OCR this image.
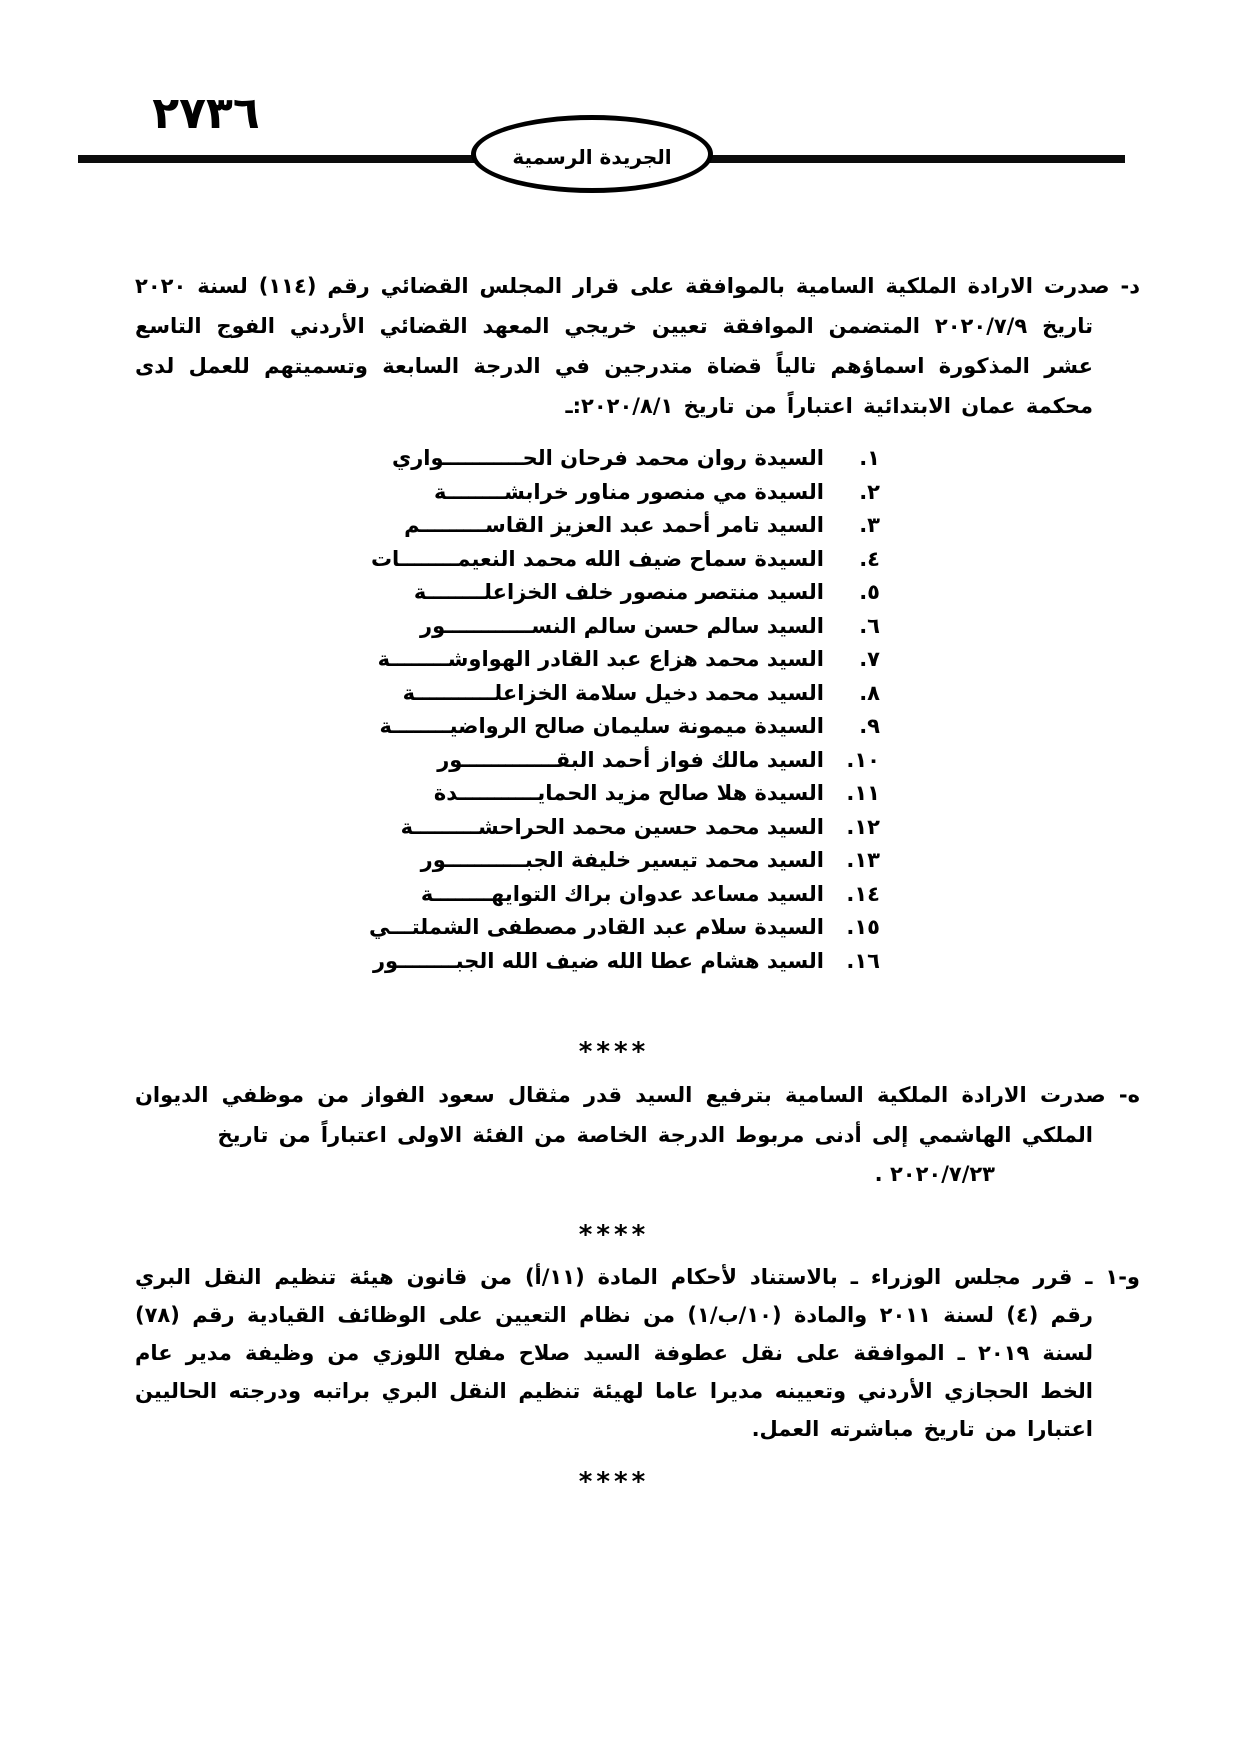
٢٧٣٦
الجريدة الرسمية

د- صدرت الارادة الملكية السامية بالموافقة على قرار المجلس القضائي رقم (١١٤) لسنة ٢٠٢٠ تاريخ ٢٠٢٠/٧/٩ المتضمن الموافقة تعيين خريجي المعهد القضائي الأردني الفوج التاسع عشر المذكورة اسماؤهم تالياً قضاة متدرجين في الدرجة السابعة وتسميتهم للعمل لدى محكمة عمان الابتدائية اعتباراً من تاريخ ٢٠٢٠/٨/١:ـ

١.
السيدة روان محمد فرحان الحـــــــــــواري
٢.
السيدة مي منصور مناور خرابشــــــــة
٣.
السيد تامر أحمد عبد العزيز القاســـــــــم
٤.
السيدة سماح ضيف الله محمد النعيمــــــــات
٥.
السيد منتصر منصور خلف الخزاعلــــــــة
٦.
السيد سالم حسن سالم النســــــــــــور
٧.
السيد محمد هزاع عبد القادر الهواوشــــــــة
٨.
السيد محمد دخيل سلامة الخزاعلـــــــــــة
٩.
السيدة ميمونة سليمان صالح الرواضيــــــــة
١٠.
السيد مالك فواز أحمد البقـــــــــــــور
١١.
السيدة هلا صالح مزيد الحمايـــــــــــدة
١٢.
السيد محمد حسين محمد الحراحشـــــــــة
١٣.
السيد محمد تيسير خليفة الجبـــــــــــور
١٤.
السيد مساعد عدوان براك التوايهــــــــة
١٥.
السيدة سلام عبد القادر مصطفى الشملتـــي
١٦.
السيد هشام عطا الله ضيف الله الجبــــــــور
****

ه- صدرت الارادة الملكية السامية بترفيع السيد قدر مثقال سعود الفواز من موظفي الديوان الملكي الهاشمي إلى أدنى مربوط الدرجة الخاصة من الفئة الاولى اعتباراً من تاريخ

٢٠٢٠/٧/٢٣ .
****

و-١ ـ قرر مجلس الوزراء ـ بالاستناد لأحكام المادة (١١/أ) من قانون هيئة تنظيم النقل البري رقم (٤) لسنة ٢٠١١ والمادة (١٠/ب/١) من نظام التعيين على الوظائف القيادية رقم (٧٨) لسنة ٢٠١٩ ـ الموافقة على نقل عطوفة السيد صلاح مفلح اللوزي من وظيفة مدير عام الخط الحجازي الأردني وتعيينه مديرا عاما لهيئة تنظيم النقل البري براتبه ودرجته الحاليين اعتبارا من تاريخ مباشرته العمل.

****
